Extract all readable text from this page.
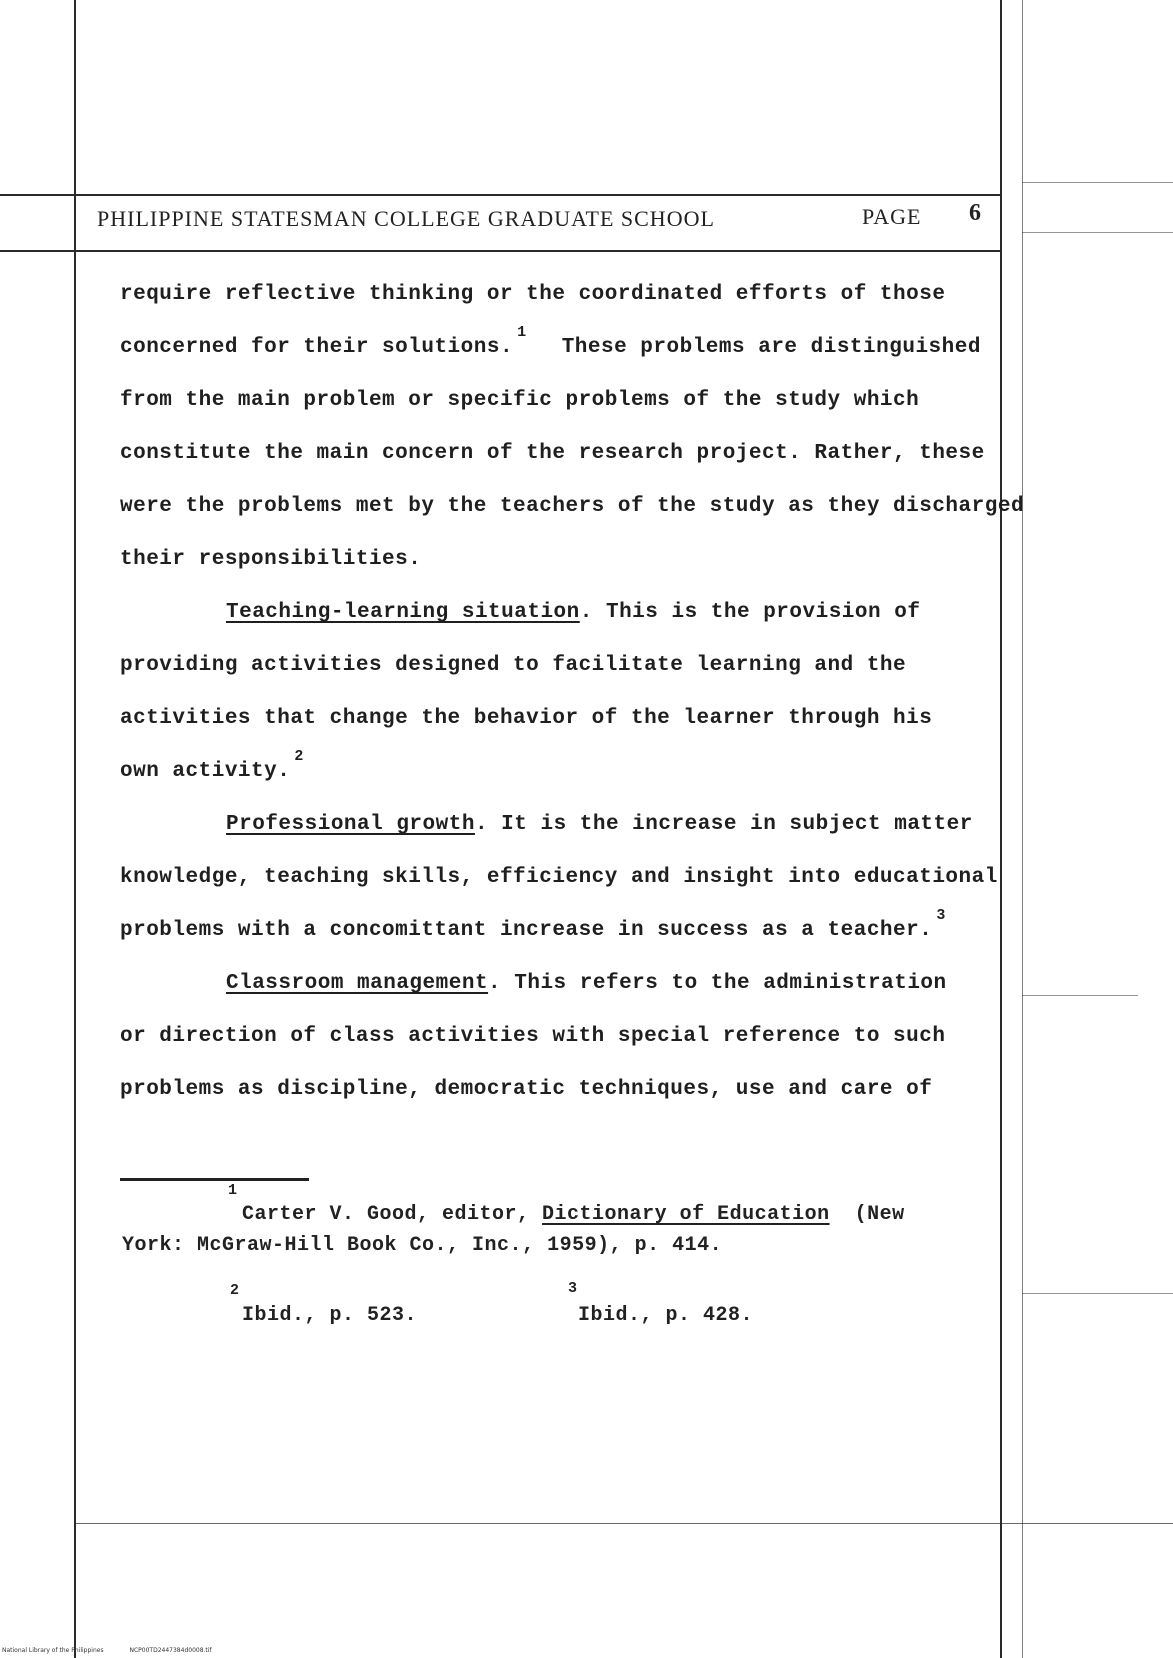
PHILIPPINE STATESMAN COLLEGE GRADUATE SCHOOL	PAGE 6
require reflective thinking or the coordinated efforts of those
concerned for their solutions.$^1$ These problems are distinguished
from the main problem or specific problems of the study which
constitute the main concern of the research project. Rather, these
were the problems met by the teachers of the study as they discharged
their responsibilities.
Teaching-learning situation. This is the provision of
providing activities designed to facilitate learning and the
activities that change the behavior of the learner through his
own activity.$^2$
Professional growth. It is the increase in subject matter
knowledge, teaching skills, efficiency and insight into educational
problems with a concomittant increase in success as a teacher.$^3$
Classroom management. This refers to the administration
or direction of class activities with special reference to such
problems as discipline, democratic techniques, use and care of
1
Carter V. Good, editor, Dictionary of Education  (New
York: McGraw-Hill Book Co., Inc., 1959), p. 414.
2
Ibid., p. 523.
3
Ibid., p. 428.
National Library of the Philippines	NCP00TD2447384d0008.tif
